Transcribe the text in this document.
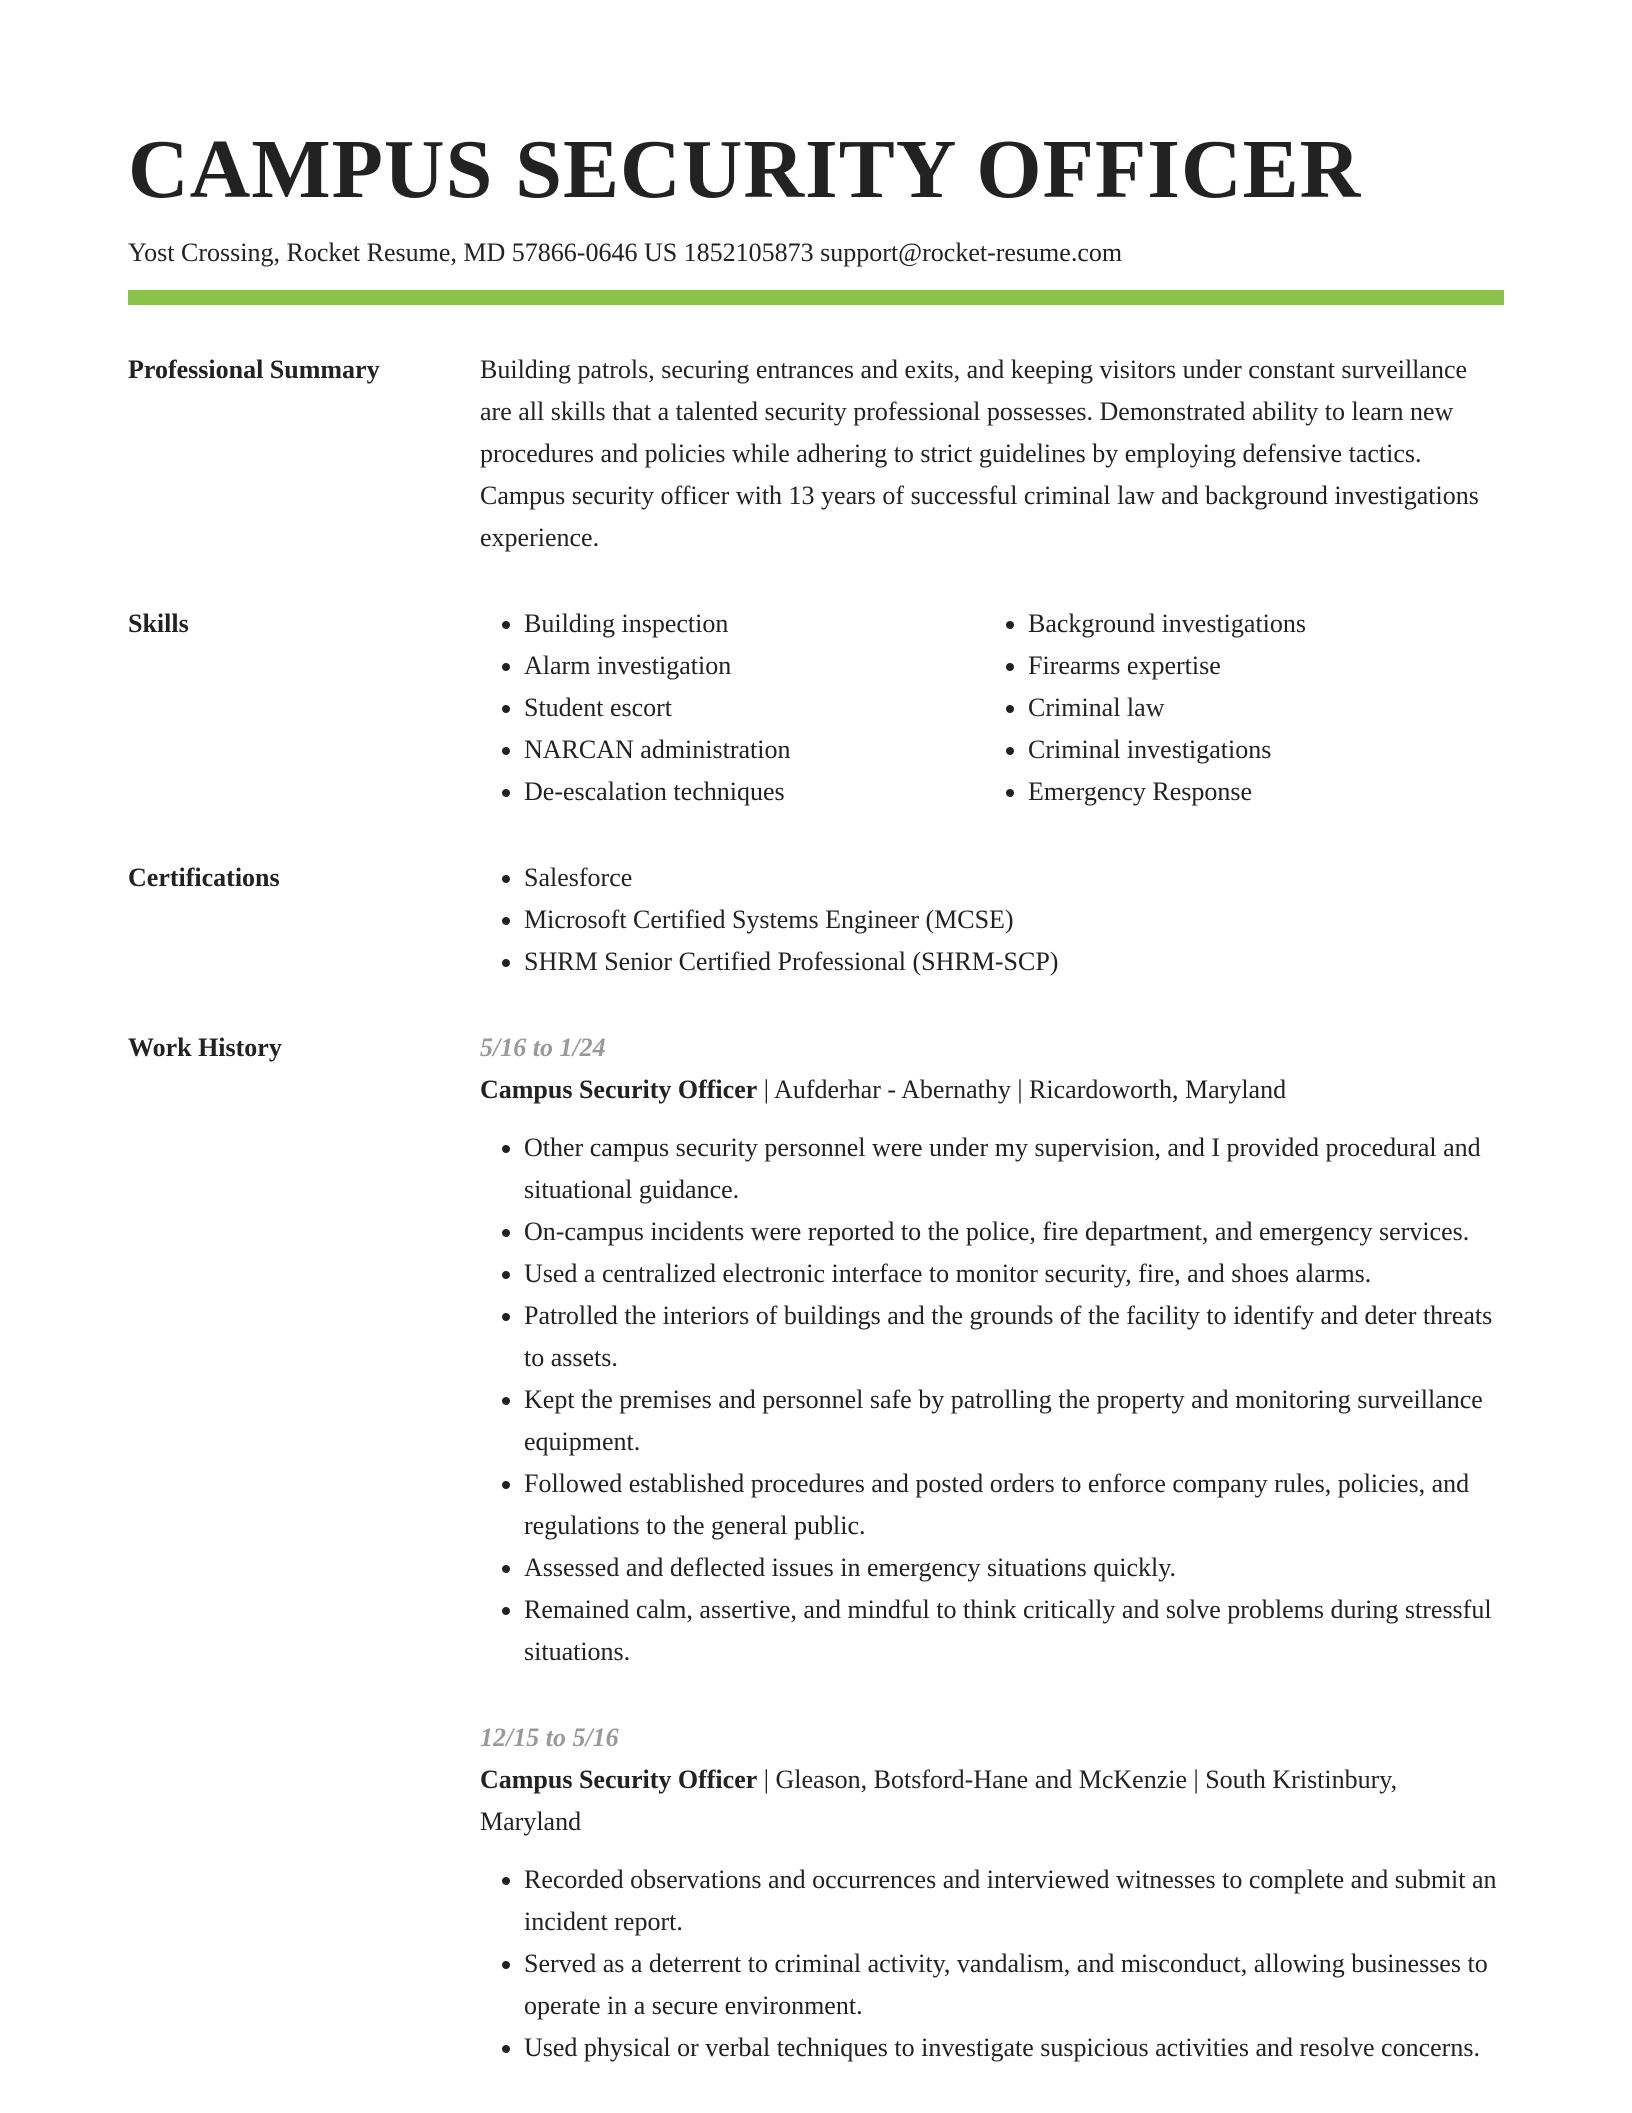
CAMPUS SECURITY OFFICER
Yost Crossing, Rocket Resume, MD 57866-0646 US 1852105873 support@rocket-resume.com
Professional Summary	Building patrols, securing entrances and exits, and keeping visitors under constant surveillance are all skills that a talented security professional possesses. Demonstrated ability to learn new procedures and policies while adhering to strict guidelines by employing defensive tactics. Campus security officer with 13 years of successful criminal law and background investigations experience.

Skills	• Building inspection
• Alarm investigation
• Student escort
• NARCAN administration
• De-escalation techniques
• Background investigations
• Firearms expertise
• Criminal law
• Criminal investigations
• Emergency Response
Certifications	• Salesforce
• Microsoft Certified Systems Engineer (MCSE)
• SHRM Senior Certified Professional (SHRM-SCP)
Work History	5/16 to 1/24
Campus Security Officer | Aufderhar - Abernathy | Ricardoworth, Maryland
• Other campus security personnel were under my supervision, and I provided procedural and situational guidance.
• On-campus incidents were reported to the police, fire department, and emergency services.
• Used a centralized electronic interface to monitor security, fire, and shoes alarms.
• Patrolled the interiors of buildings and the grounds of the facility to identify and deter threats to assets.
• Kept the premises and personnel safe by patrolling the property and monitoring surveillance equipment.
• Followed established procedures and posted orders to enforce company rules, policies, and regulations to the general public.
• Assessed and deflected issues in emergency situations quickly.
• Remained calm, assertive, and mindful to think critically and solve problems during stressful situations.
12/15 to 5/16
Campus Security Officer | Gleason, Botsford-Hane and McKenzie | South Kristinbury, Maryland
• Recorded observations and occurrences and interviewed witnesses to complete and submit an incident report.
• Served as a deterrent to criminal activity, vandalism, and misconduct, allowing businesses to operate in a secure environment.
• Used physical or verbal techniques to investigate suspicious activities and resolve concerns.
